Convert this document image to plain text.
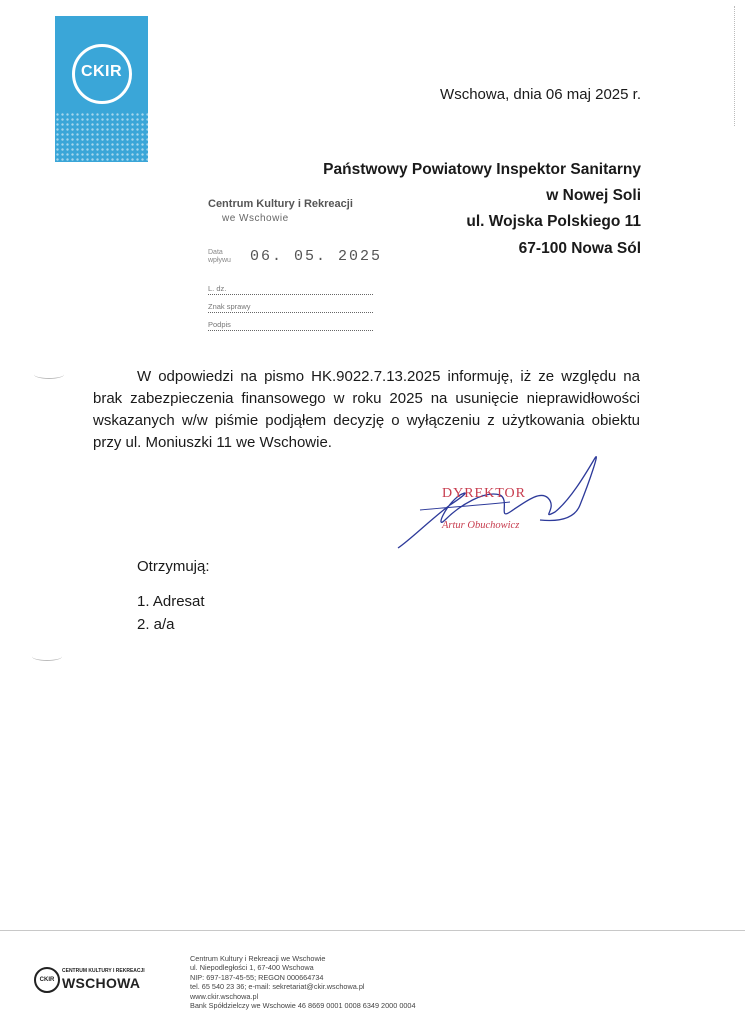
CKIR
Wschowa, dnia 06 maj 2025 r.
Państwowy Powiatowy Inspektor Sanitarny
w Nowej Soli
ul. Wojska Polskiego 11
67-100 Nowa Sól
Centrum Kultury i Rekreacji
we Wschowie
Data wpływu	06. 05. 2025
L. dz.
Znak sprawy
Podpis

W odpowiedzi na pismo HK.9022.7.13.2025 informuję, iż ze względu na brak zabezpieczenia finansowego w roku 2025 na usunięcie nieprawidłowości wskazanych w/w piśmie podjąłem decyzję o wyłączeniu z użytkowania obiektu przy ul. Moniuszki 11 we Wschowie.

DYREKTOR
Artur Obuchowicz
Otrzymują:
1. Adresat
2. a/a
CKIR
CENTRUM KULTURY I REKREACJI
WSCHOWA
Centrum Kultury i Rekreacji we Wschowie
ul. Niepodległości 1, 67-400 Wschowa
NIP: 697-187-45-55; REGON 000664734
tel. 65 540 23 36; e-mail: sekretariat@ckir.wschowa.pl
www.ckir.wschowa.pl
Bank Spółdzielczy we Wschowie 46 8669 0001 0008 6349 2000 0004
